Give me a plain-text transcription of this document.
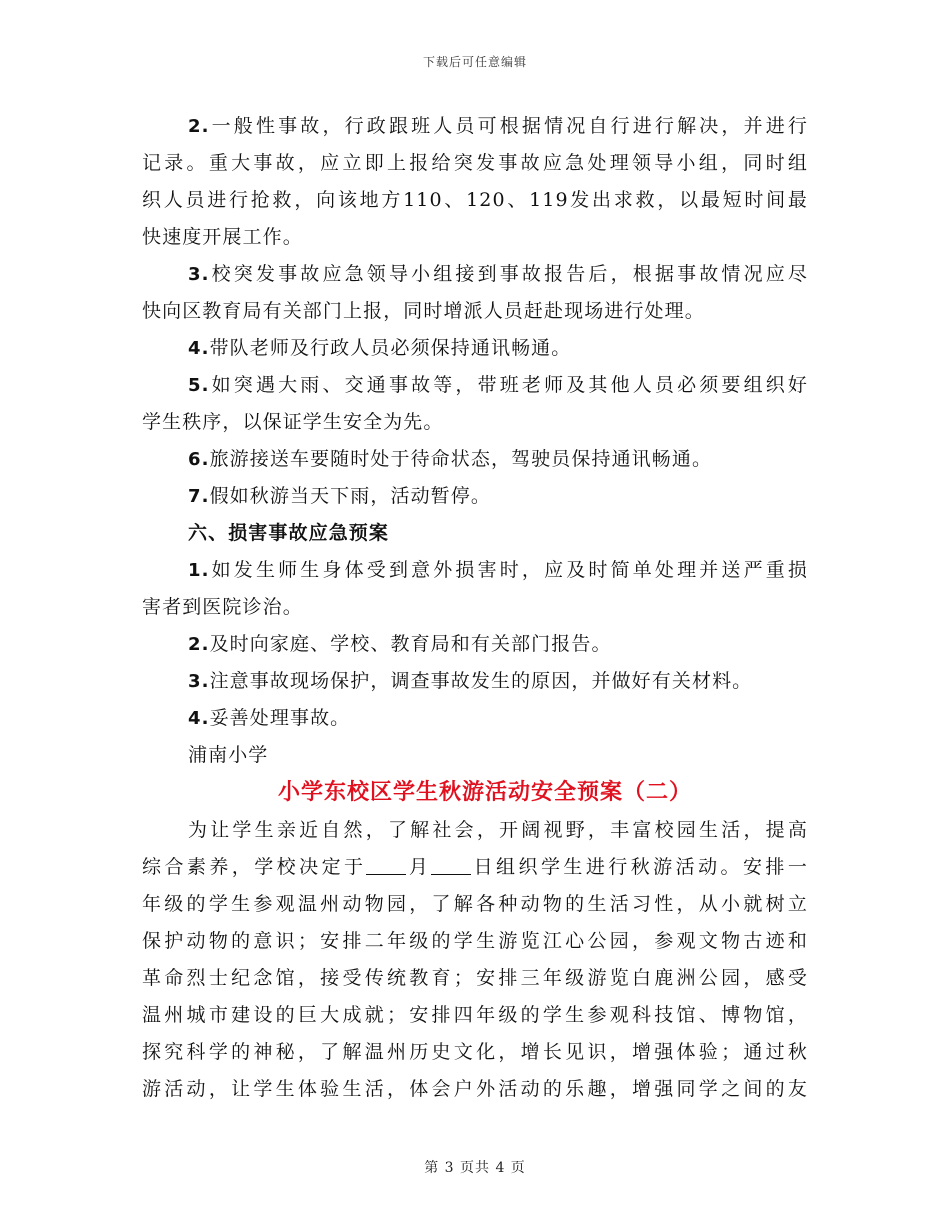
下载后可任意编辑
2.一般性事故，行政跟班人员可根据情况自行进行解决，并进行
记录。重大事故，应立即上报给突发事故应急处理领导小组，同时组
织人员进行抢救，向该地方110、120、119发出求救，以最短时间最
快速度开展工作。
3.校突发事故应急领导小组接到事故报告后，根据事故情况应尽
快向区教育局有关部门上报，同时增派人员赶赴现场进行处理。
4.带队老师及行政人员必须保持通讯畅通。
5.如突遇大雨、交通事故等，带班老师及其他人员必须要组织好
学生秩序，以保证学生安全为先。
6.旅游接送车要随时处于待命状态，驾驶员保持通讯畅通。
7.假如秋游当天下雨，活动暂停。
六、损害事故应急预案
1.如发生师生身体受到意外损害时，应及时简单处理并送严重损
害者到医院诊治。
2.及时向家庭、学校、教育局和有关部门报告。
3.注意事故现场保护，调查事故发生的原因，并做好有关材料。
4.妥善处理事故。
浦南小学
小学东校区学生秋游活动安全预案（二）
为让学生亲近自然，了解社会，开阔视野，丰富校园生活，提高
综合素养，学校决定于 月 日组织学生进行秋游活动。安排一
年级的学生参观温州动物园，了解各种动物的生活习性，从小就树立
保护动物的意识；安排二年级的学生游览江心公园，参观文物古迹和
革命烈士纪念馆，接受传统教育；安排三年级游览白鹿洲公园，感受
温州城市建设的巨大成就；安排四年级的学生参观科技馆、博物馆，
探究科学的神秘，了解温州历史文化，增长见识，增强体验；通过秋
游活动，让学生体验生活，体会户外活动的乐趣，增强同学之间的友
第 3 页共 4 页
